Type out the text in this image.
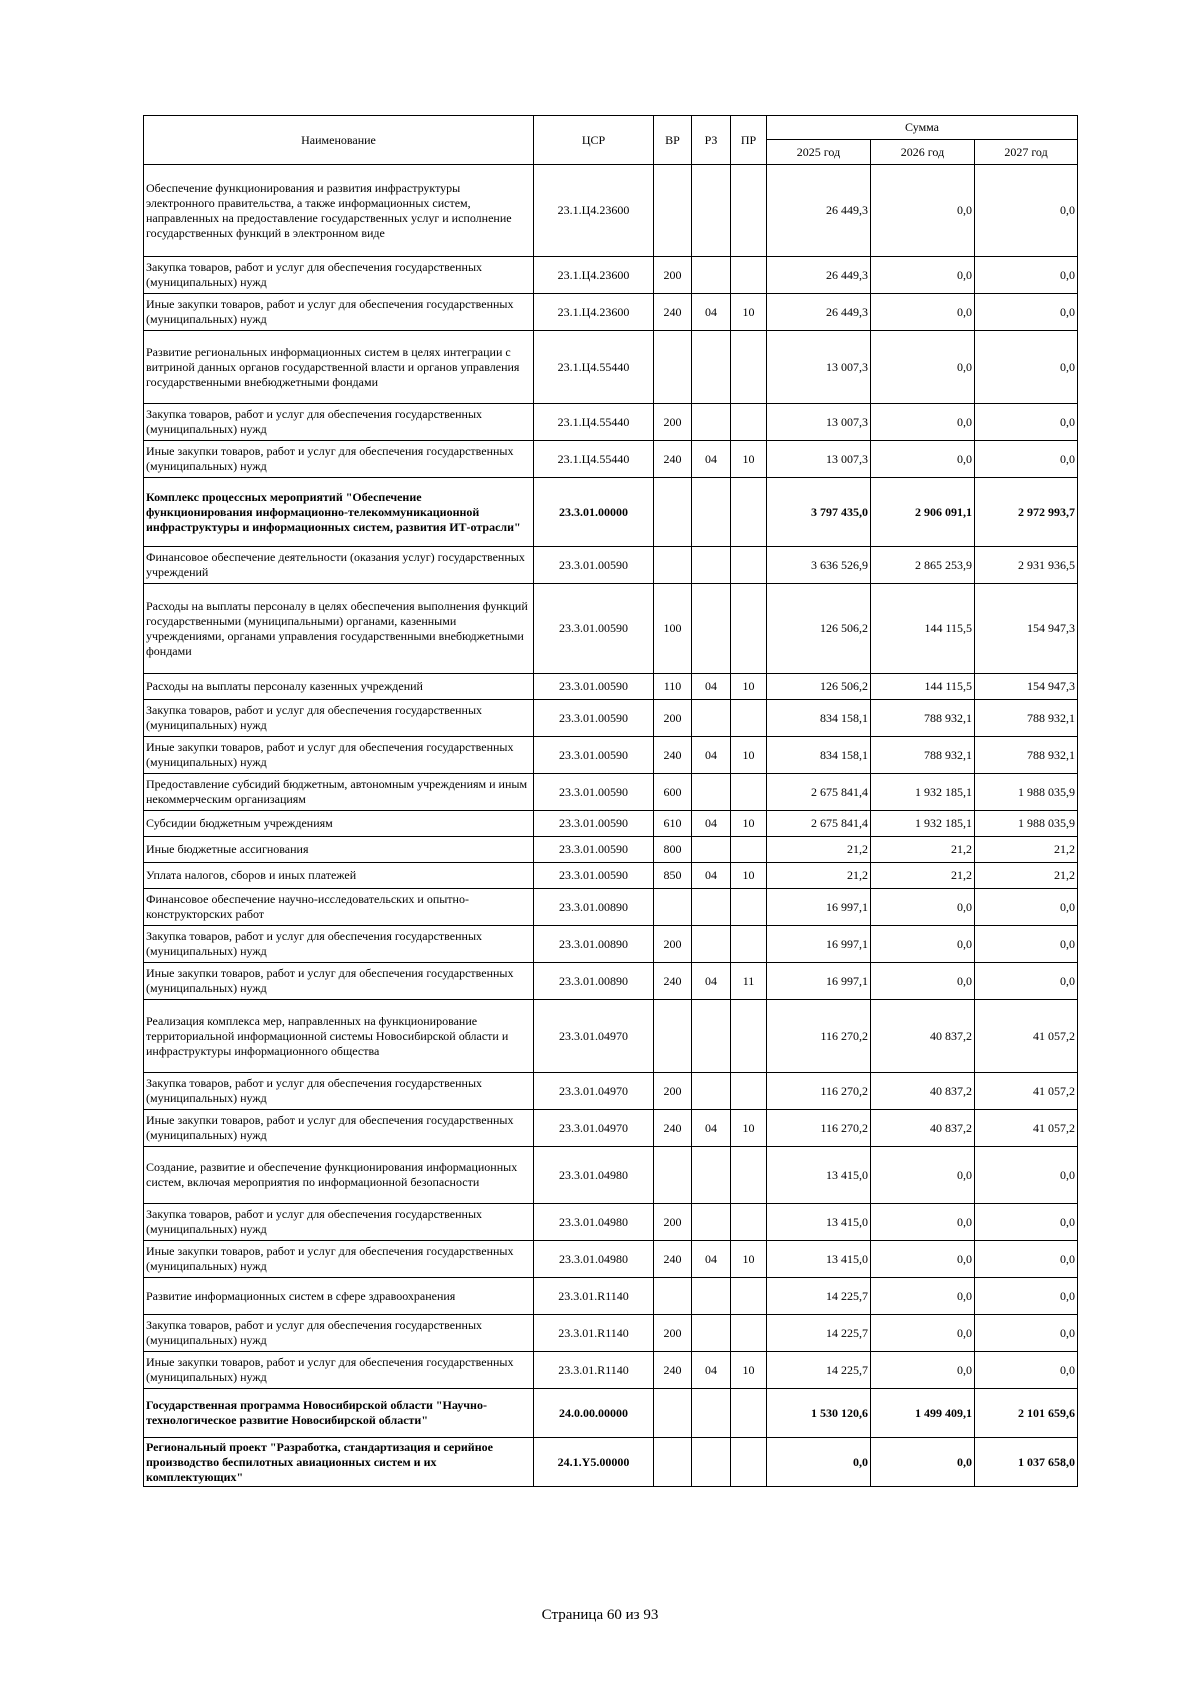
Наименование	ЦСР	ВР	РЗ	ПР	Сумма		
					2025 год	2026 год	2027 год
Обеспечение функционирования и развития инфраструктуры электронного правительства, а также информационных систем, направленных на предоставление государственных услуг и исполнение государственных функций в электронном виде	23.1.Ц4.23600				26 449,3	0,0	0,0
Закупка товаров, работ и услуг для обеспечения государственных (муниципальных) нужд	23.1.Ц4.23600	200			26 449,3	0,0	0,0
Иные закупки товаров, работ и услуг для обеспечения государственных (муниципальных) нужд	23.1.Ц4.23600	240	04	10	26 449,3	0,0	0,0
Развитие региональных информационных систем в целях интеграции с витриной данных органов государственной власти и органов управления государственными внебюджетными фондами	23.1.Ц4.55440				13 007,3	0,0	0,0
Закупка товаров, работ и услуг для обеспечения государственных (муниципальных) нужд	23.1.Ц4.55440	200			13 007,3	0,0	0,0
Иные закупки товаров, работ и услуг для обеспечения государственных (муниципальных) нужд	23.1.Ц4.55440	240	04	10	13 007,3	0,0	0,0
Комплекс процессных мероприятий "Обеспечение функционирования информационно-телекоммуникационной инфраструктуры и информационных систем, развития ИТ-отрасли"	23.3.01.00000				3 797 435,0	2 906 091,1	2 972 993,7
Финансовое обеспечение деятельности (оказания услуг) государственных учреждений	23.3.01.00590				3 636 526,9	2 865 253,9	2 931 936,5
Расходы на выплаты персоналу в целях обеспечения выполнения функций государственными (муниципальными) органами, казенными учреждениями, органами управления государственными внебюджетными фондами	23.3.01.00590	100			126 506,2	144 115,5	154 947,3
Расходы на выплаты персоналу казенных учреждений	23.3.01.00590	110	04	10	126 506,2	144 115,5	154 947,3
Закупка товаров, работ и услуг для обеспечения государственных (муниципальных) нужд	23.3.01.00590	200			834 158,1	788 932,1	788 932,1
Иные закупки товаров, работ и услуг для обеспечения государственных (муниципальных) нужд	23.3.01.00590	240	04	10	834 158,1	788 932,1	788 932,1
Предоставление субсидий бюджетным, автономным учреждениям и иным некоммерческим организациям	23.3.01.00590	600			2 675 841,4	1 932 185,1	1 988 035,9
Субсидии бюджетным учреждениям	23.3.01.00590	610	04	10	2 675 841,4	1 932 185,1	1 988 035,9
Иные бюджетные ассигнования	23.3.01.00590	800			21,2	21,2	21,2
Уплата налогов, сборов и иных платежей	23.3.01.00590	850	04	10	21,2	21,2	21,2
Финансовое обеспечение научно-исследовательских и опытно-конструкторских работ	23.3.01.00890				16 997,1	0,0	0,0
Закупка товаров, работ и услуг для обеспечения государственных (муниципальных) нужд	23.3.01.00890	200			16 997,1	0,0	0,0
Иные закупки товаров, работ и услуг для обеспечения государственных (муниципальных) нужд	23.3.01.00890	240	04	11	16 997,1	0,0	0,0
Реализация комплекса мер, направленных на функционирование территориальной информационной системы Новосибирской области и инфраструктуры информационного общества	23.3.01.04970				116 270,2	40 837,2	41 057,2
Закупка товаров, работ и услуг для обеспечения государственных (муниципальных) нужд	23.3.01.04970	200			116 270,2	40 837,2	41 057,2
Иные закупки товаров, работ и услуг для обеспечения государственных (муниципальных) нужд	23.3.01.04970	240	04	10	116 270,2	40 837,2	41 057,2
Создание, развитие и обеспечение функционирования информационных систем, включая мероприятия по информационной безопасности	23.3.01.04980				13 415,0	0,0	0,0
Закупка товаров, работ и услуг для обеспечения государственных (муниципальных) нужд	23.3.01.04980	200			13 415,0	0,0	0,0
Иные закупки товаров, работ и услуг для обеспечения государственных (муниципальных) нужд	23.3.01.04980	240	04	10	13 415,0	0,0	0,0
Развитие информационных систем в сфере здравоохранения	23.3.01.R1140				14 225,7	0,0	0,0
Закупка товаров, работ и услуг для обеспечения государственных (муниципальных) нужд	23.3.01.R1140	200			14 225,7	0,0	0,0
Иные закупки товаров, работ и услуг для обеспечения государственных (муниципальных) нужд	23.3.01.R1140	240	04	10	14 225,7	0,0	0,0
Государственная программа Новосибирской области "Научно-технологическое развитие Новосибирской области"	24.0.00.00000				1 530 120,6	1 499 409,1	2 101 659,6
Региональный проект "Разработка, стандартизация и серийное производство беспилотных авиационных систем и их комплектующих"	24.1.Y5.00000				0,0	0,0	1 037 658,0
Страница 60 из 93
